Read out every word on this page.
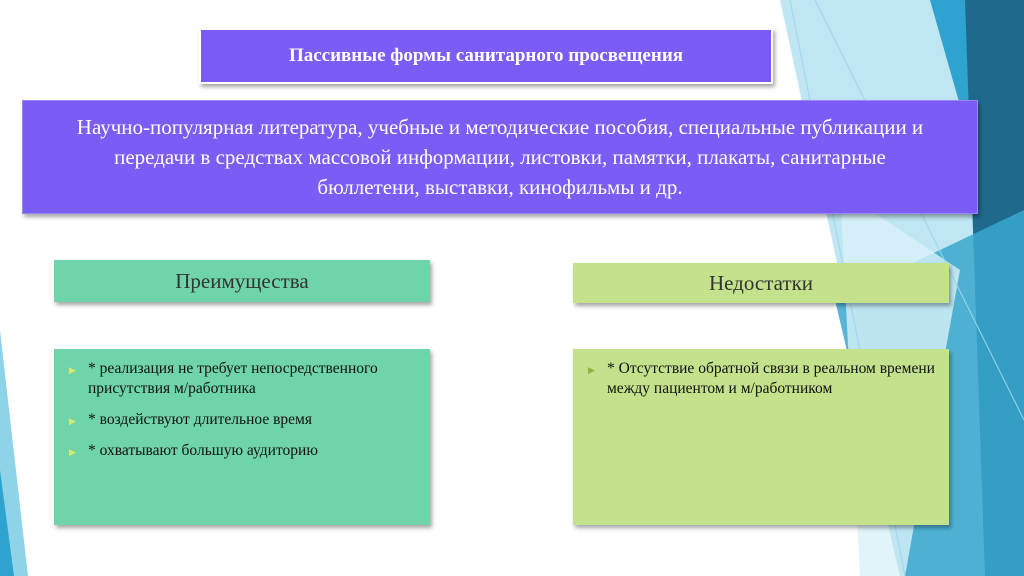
Пассивные формы санитарного просвещения
Научно-популярная литература, учебные и методические пособия, специальные публикации и передачи в средствах массовой информации, листовки, памятки, плакаты, санитарные бюллетени, выставки, кинофильмы и др.
Преимущества	Недостатки
▶ * реализация не требует непосредственного присутствия м/работника
▶ * воздействуют длительное время
▶ * охватывают большую аудиторию
▶ * Отсутствие обратной связи в реальном времени между пациентом и м/работником
